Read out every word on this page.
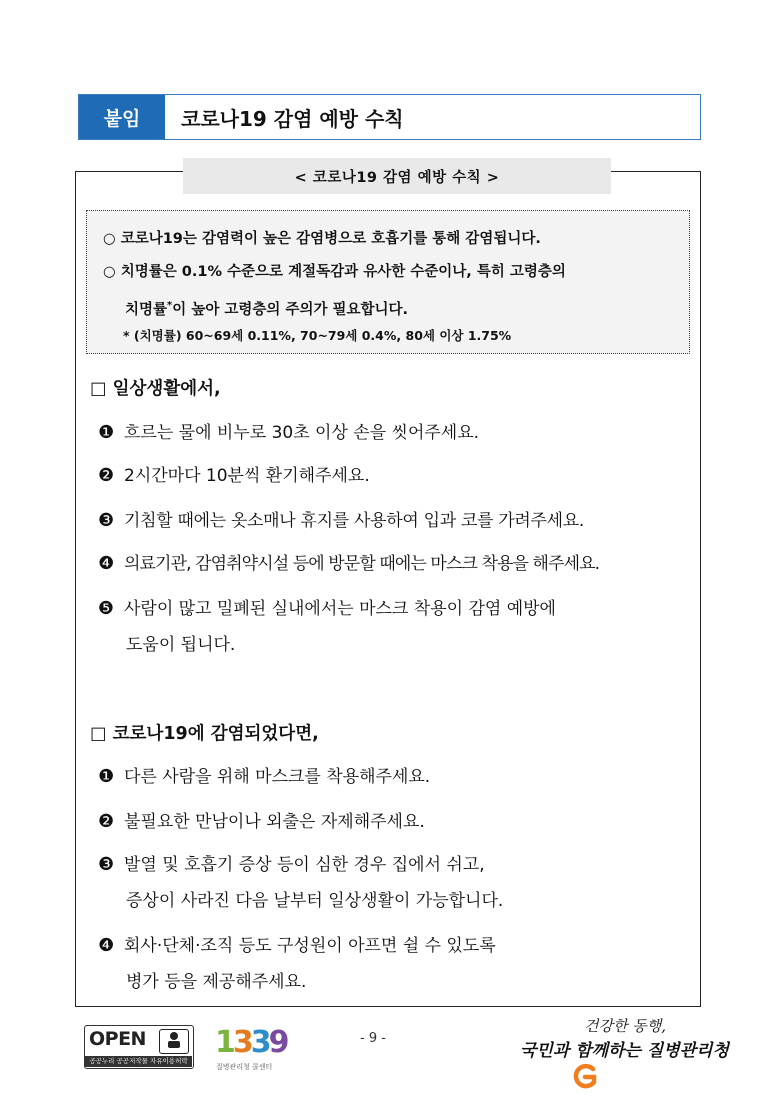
붙임	코로나19 감염 예방 수칙
< 코로나19 감염 예방 수칙 >
○ 코로나19는 감염력이 높은 감염병으로 호흡기를 통해 감염됩니다.
○ 치명률은 0.1% 수준으로 계절독감과 유사한 수준이나, 특히 고령층의
치명률*이 높아 고령층의 주의가 필요합니다.
* (치명률) 60~69세 0.11%, 70~79세 0.4%, 80세 이상 1.75%
□ 일상생활에서,
❶ 흐르는 물에 비누로 30초 이상 손을 씻어주세요.
❷ 2시간마다 10분씩 환기해주세요.
❸ 기침할 때에는 옷소매나 휴지를 사용하여 입과 코를 가려주세요.
❹ 의료기관, 감염취약시설 등에 방문할 때에는 마스크 착용을 해주세요.
❺ 사람이 많고 밀폐된 실내에서는 마스크 착용이 감염 예방에
도움이 됩니다.
□ 코로나19에 감염되었다면,
❶ 다른 사람을 위해 마스크를 착용해주세요.
❷ 불필요한 만남이나 외출은 자제해주세요.
❸ 발열 및 호흡기 증상 등이 심한 경우 집에서 쉬고,
증상이 사라진 다음 날부터 일상생활이 가능합니다.
❹ 회사·단체·조직 등도 구성원이 아프면 쉴 수 있도록
병가 등을 제공해주세요.
OPEN
공공누리 공공저작물 자유이용허락
1339
질병관리청 콜센터
- 9 -
건강한 동행,
국민과 함께하는 질병관리청
